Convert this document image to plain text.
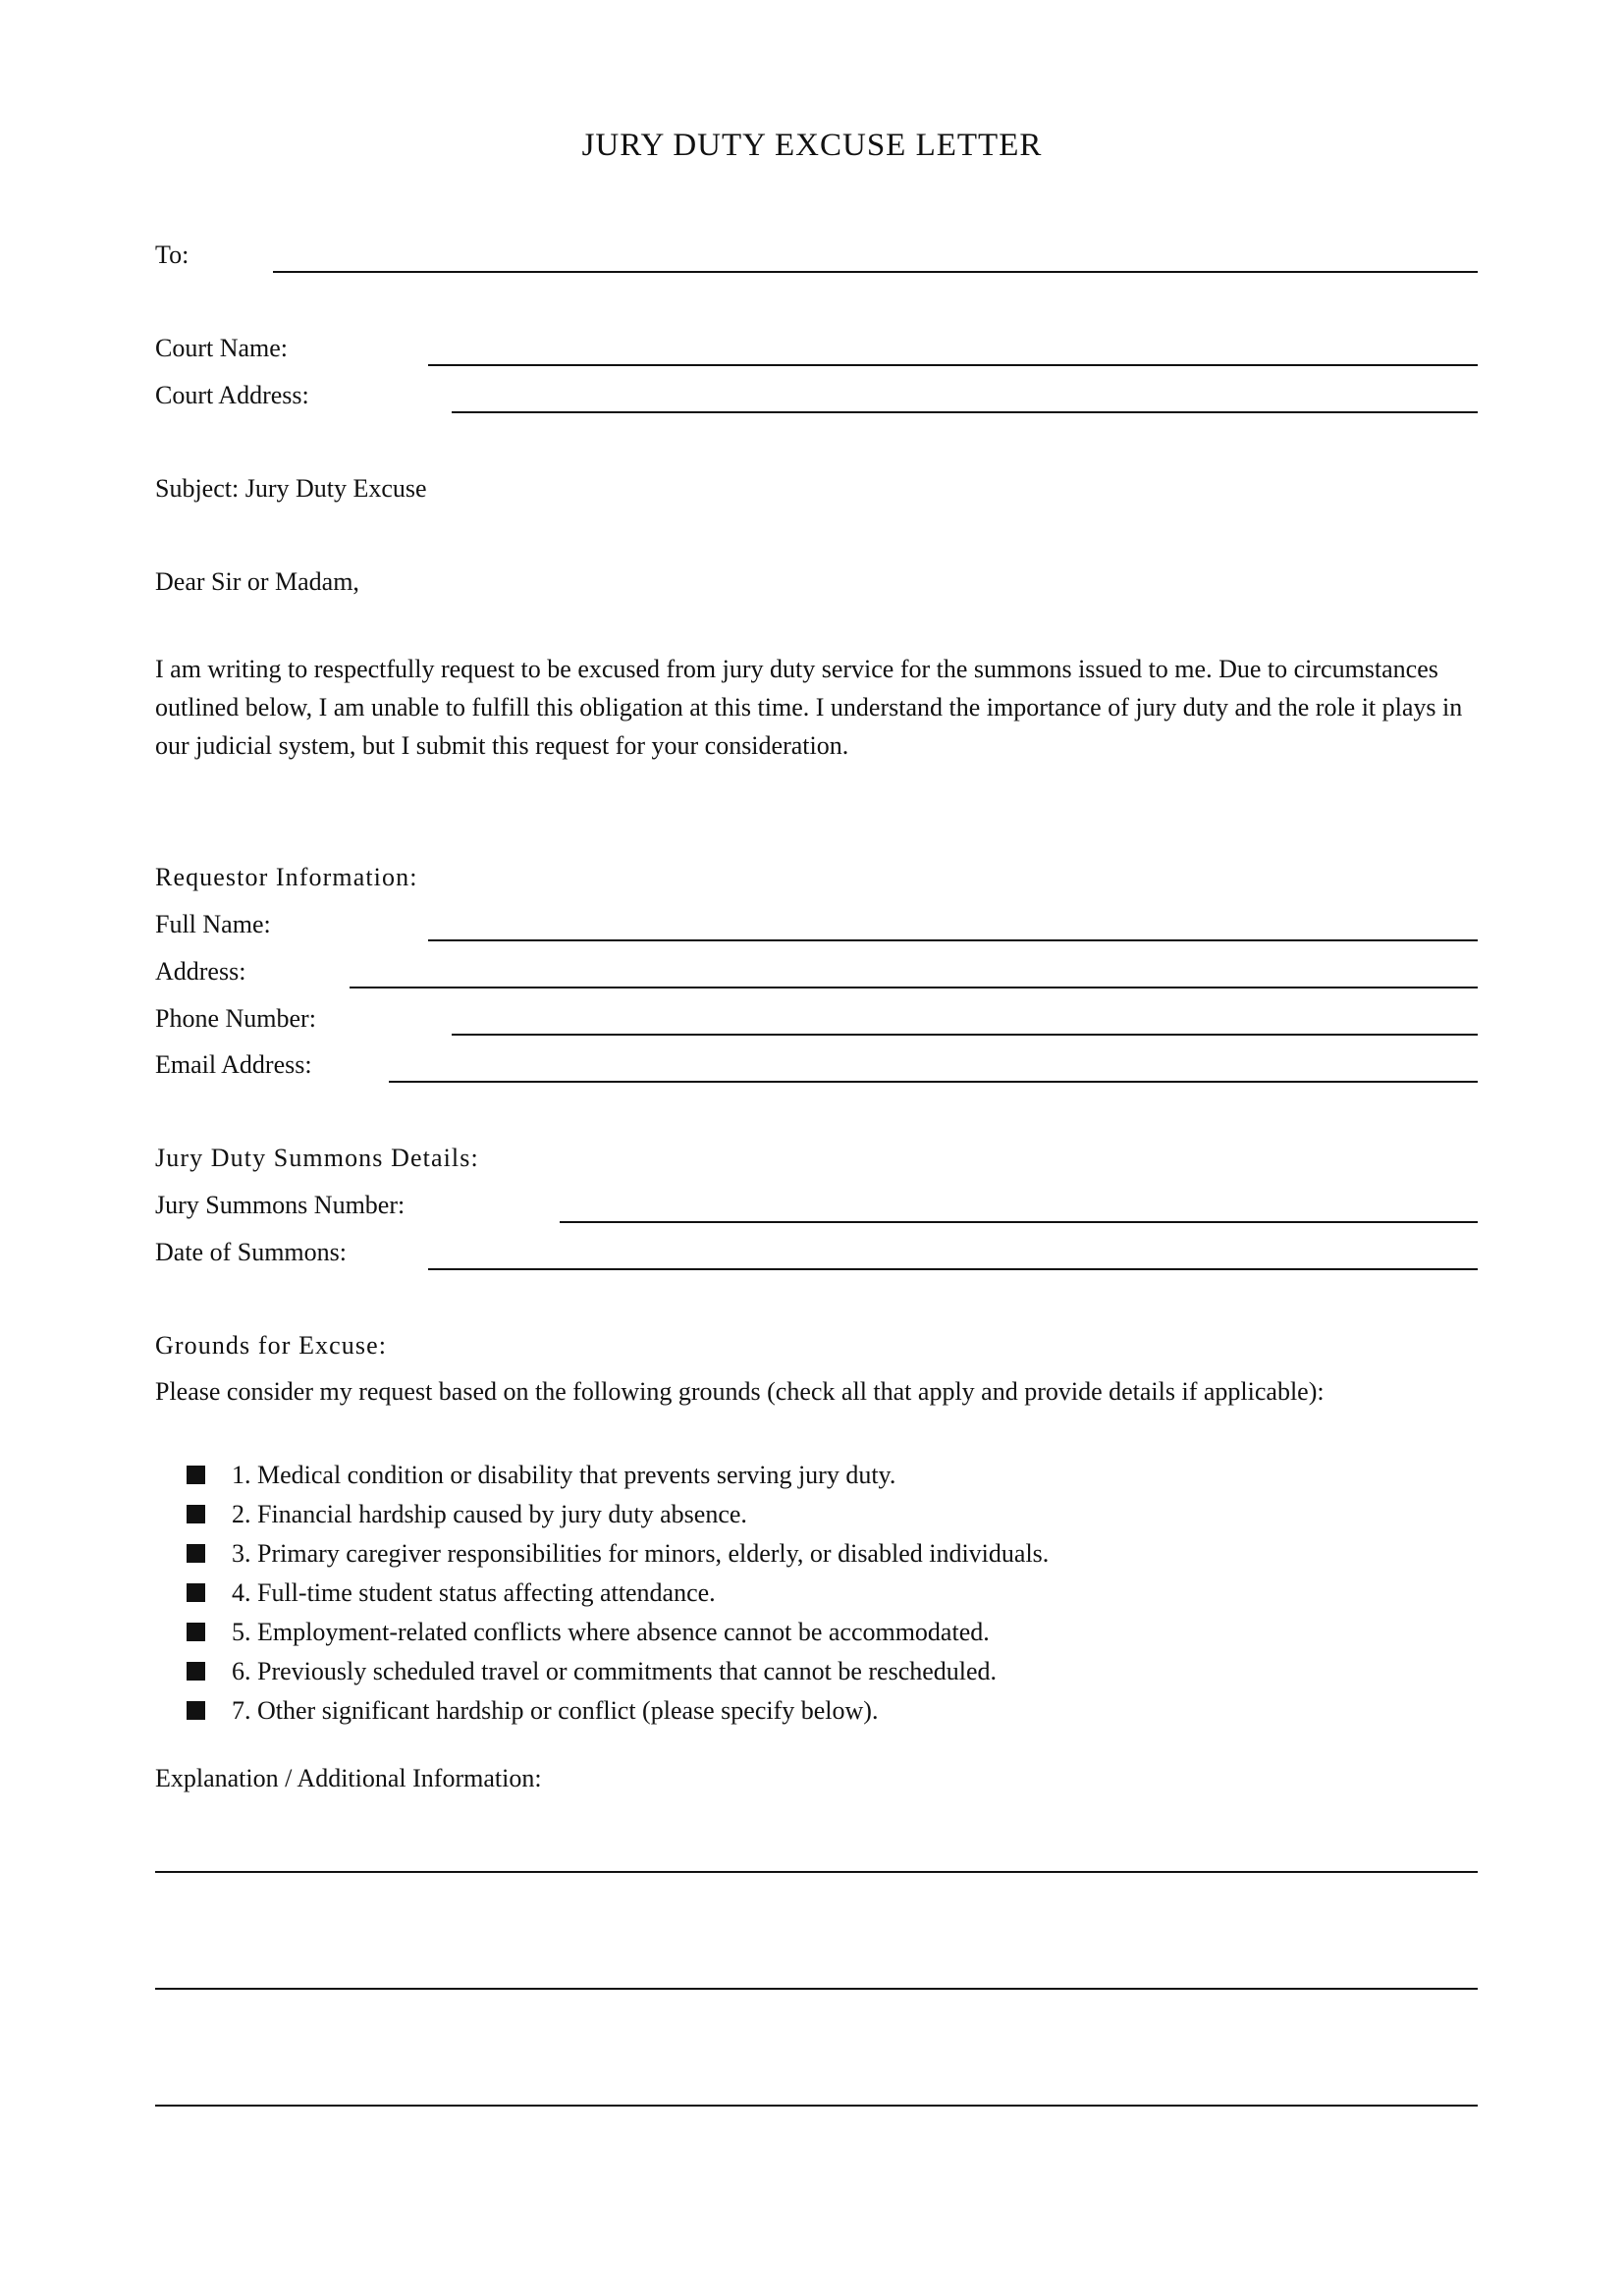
JURY DUTY EXCUSE LETTER
To:
Court Name:
Court Address:
Subject: Jury Duty Excuse
Dear Sir or Madam,
I am writing to respectfully request to be excused from jury duty service for the summons issued to me. Due to circumstances outlined below, I am unable to fulfill this obligation at this time. I understand the importance of jury duty and the role it plays in our judicial system, but I submit this request for your consideration.
Requestor Information:
Full Name:
Address:
Phone Number:
Email Address:
Jury Duty Summons Details:
Jury Summons Number:
Date of Summons:
Grounds for Excuse:
Please consider my request based on the following grounds (check all that apply and provide details if applicable):
1. Medical condition or disability that prevents serving jury duty.
2. Financial hardship caused by jury duty absence.
3. Primary caregiver responsibilities for minors, elderly, or disabled individuals.
4. Full-time student status affecting attendance.
5. Employment-related conflicts where absence cannot be accommodated.
6. Previously scheduled travel or commitments that cannot be rescheduled.
7. Other significant hardship or conflict (please specify below).
Explanation / Additional Information:
